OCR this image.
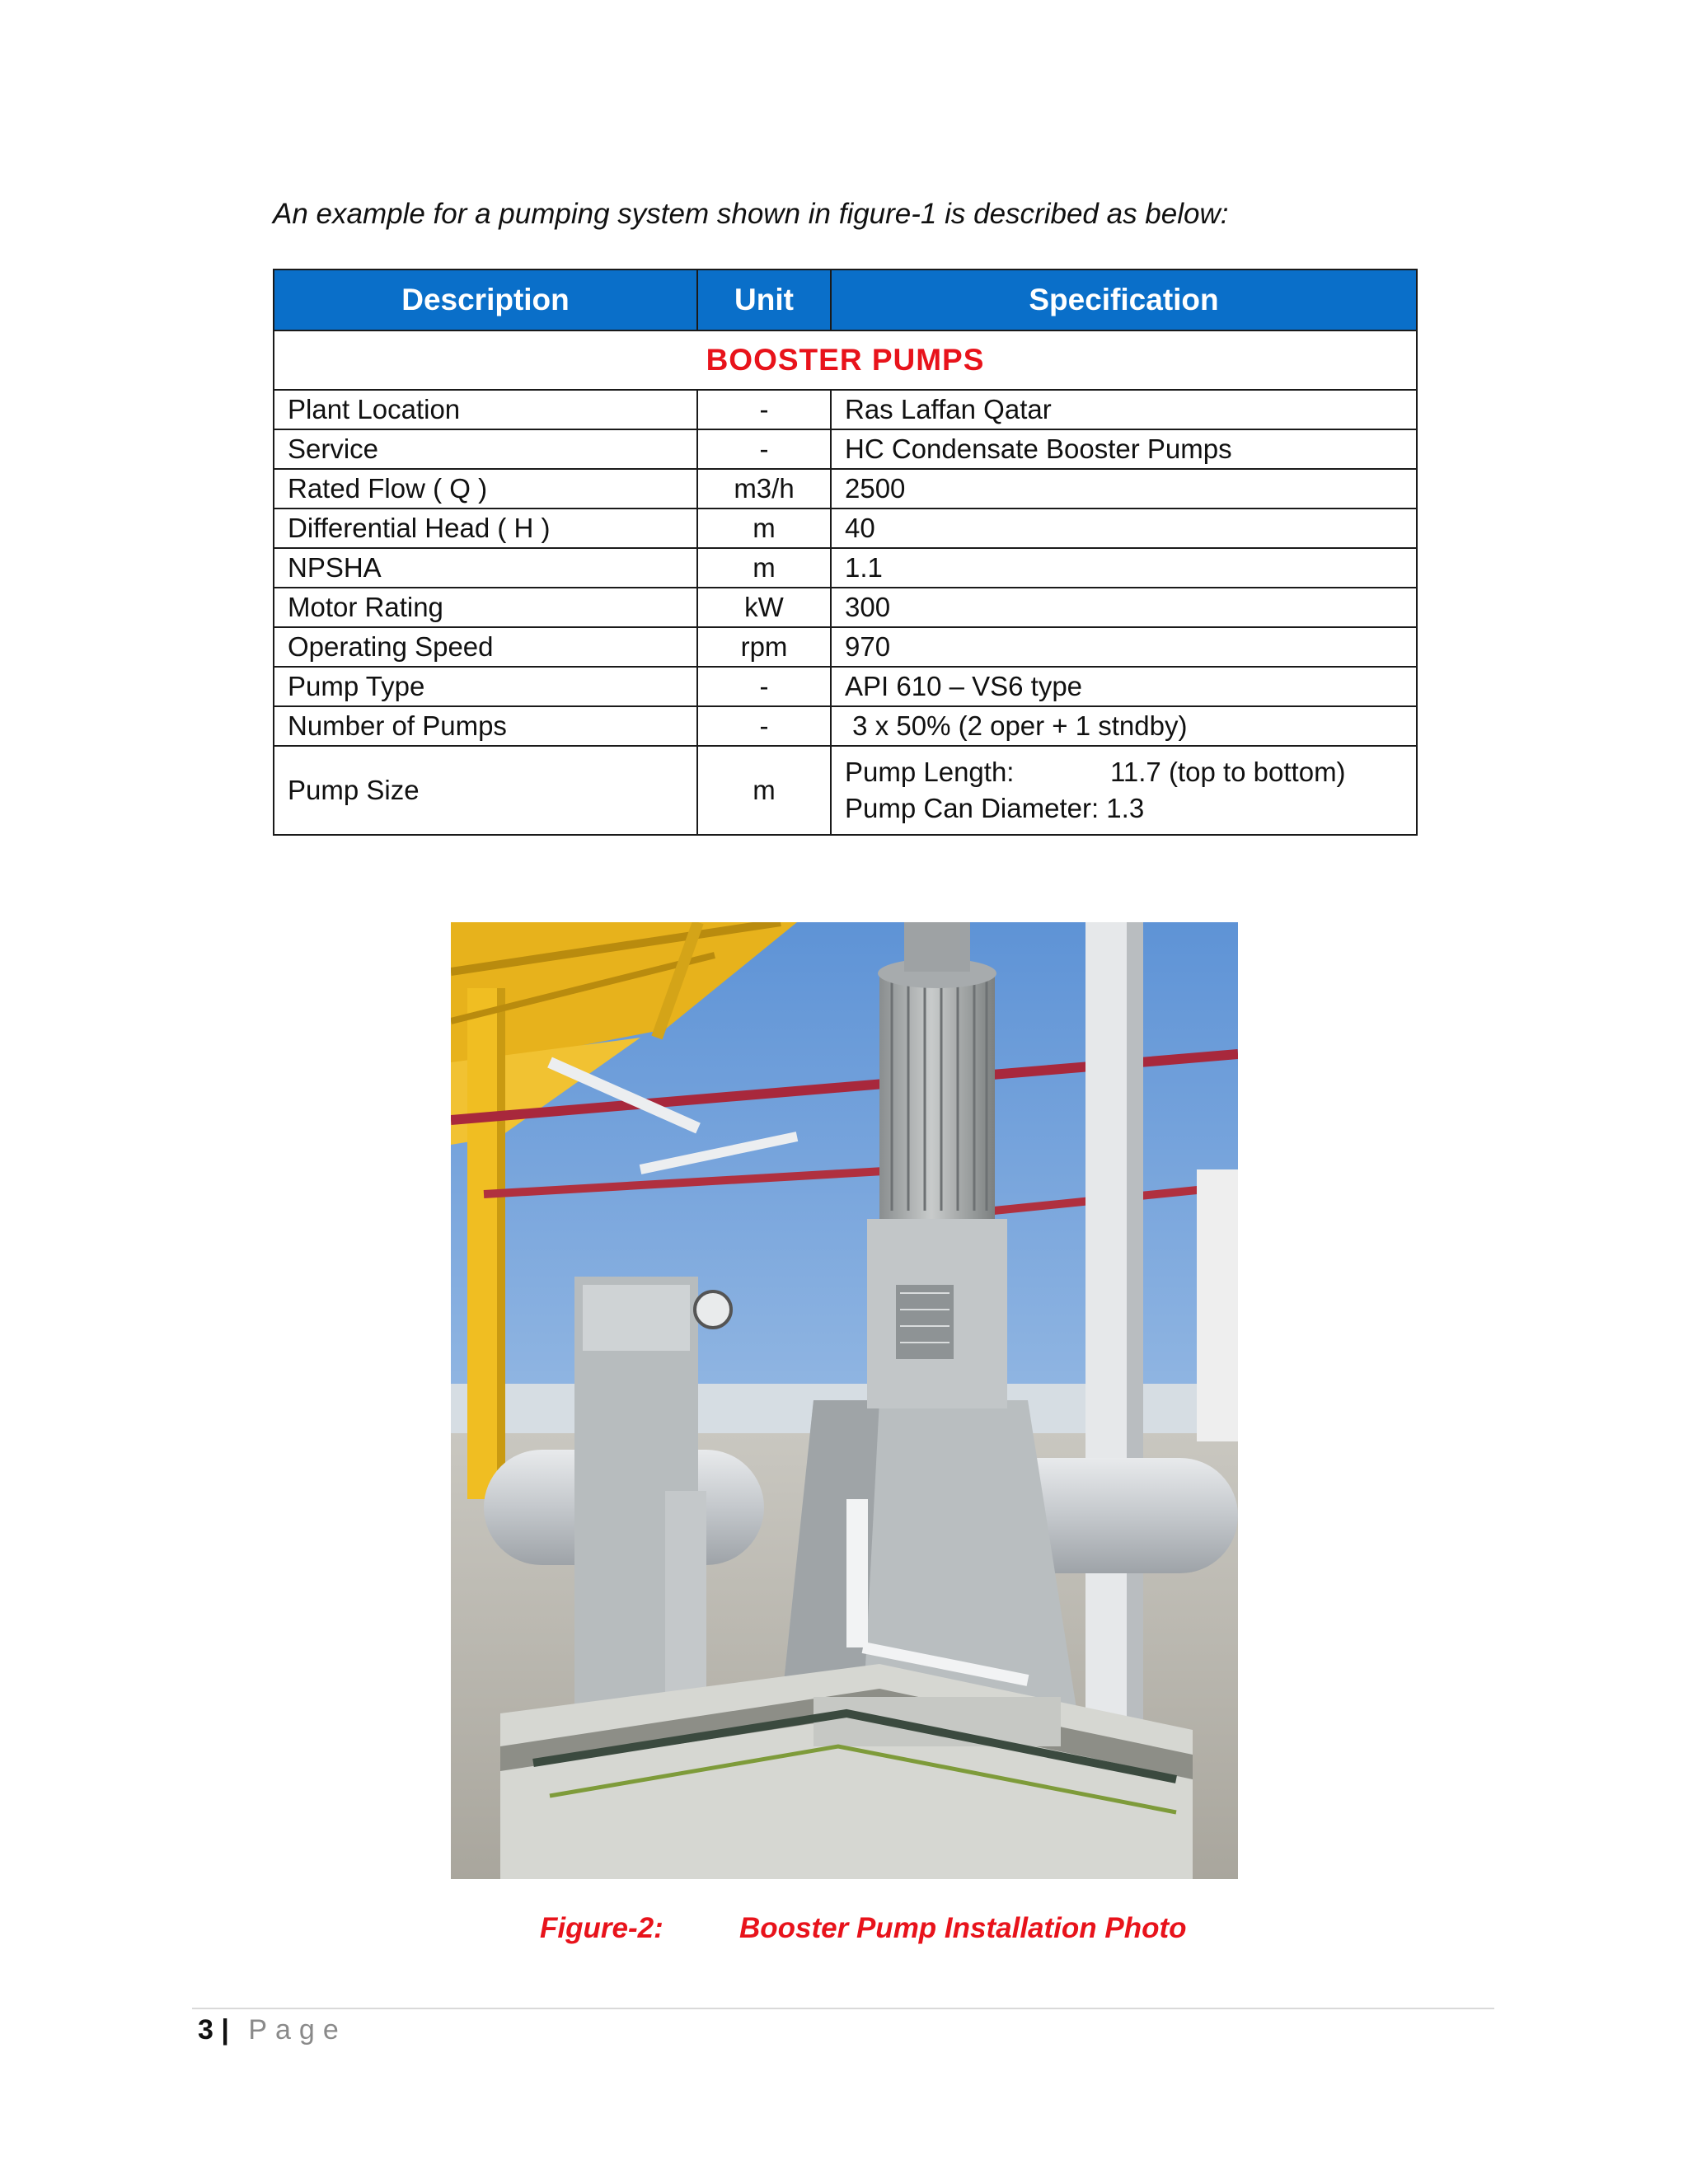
An example for a pumping system shown in figure-1 is described as below:
Description	Unit	Specification
BOOSTER PUMPS		
Plant Location	-	Ras Laffan Qatar
Service	-	HC Condensate Booster Pumps
Rated Flow ( Q )	m3/h	2500
Differential Head ( H )	m	40
NPSHA	m	1.1
Motor Rating	kW	300
Operating Speed	rpm	970
Pump Type	-	API 610 – VS6 type
Number of Pumps	-	3 x 50% (2 oper + 1 stndby)
Pump Size	m	Pump Length: 11.7 (top to bottom)
Pump Can Diameter: 1.3
Figure-2:	Booster Pump Installation Photo
3 | Page
